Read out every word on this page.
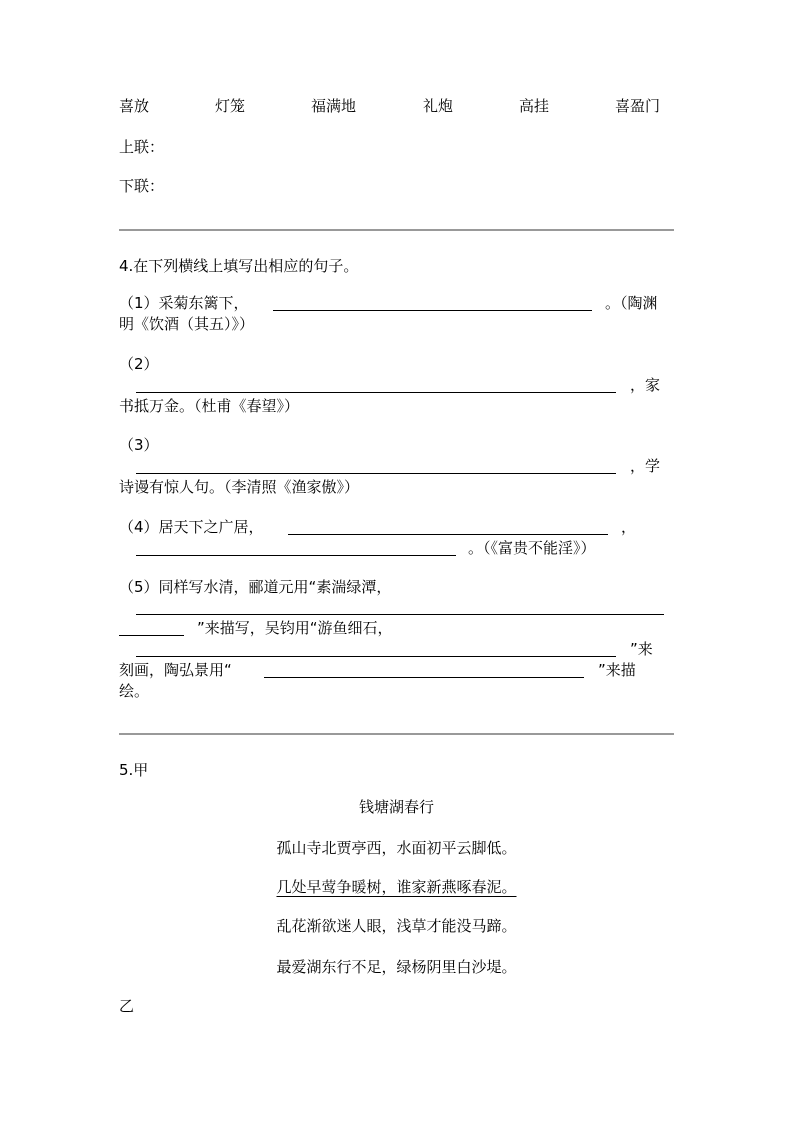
喜放	灯笼	福满地	礼炮	高挂	喜盈门
上联：
下联：
4.在下列横线上填写出相应的句子。
（1）采菊东篱下，	。（陶渊
明《饮酒（其五）》）
（2）
，家
书抵万金。（杜甫《春望》）
（3）
，学
诗谩有惊人句。（李清照《渔家傲》）
（4）居天下之广居，	，
。（《富贵不能淫》）
（5）同样写水清，郦道元用“素湍绿潭，
”来描写，吴钧用“游鱼细石，
”来
刻画，陶弘景用“	”来描
绘。
5.甲
钱塘湖春行
孤山寺北贾亭西，水面初平云脚低。
几处早莺争暖树，谁家新燕啄春泥。
乱花渐欲迷人眼，浅草才能没马蹄。
最爱湖东行不足，绿杨阴里白沙堤。
乙
